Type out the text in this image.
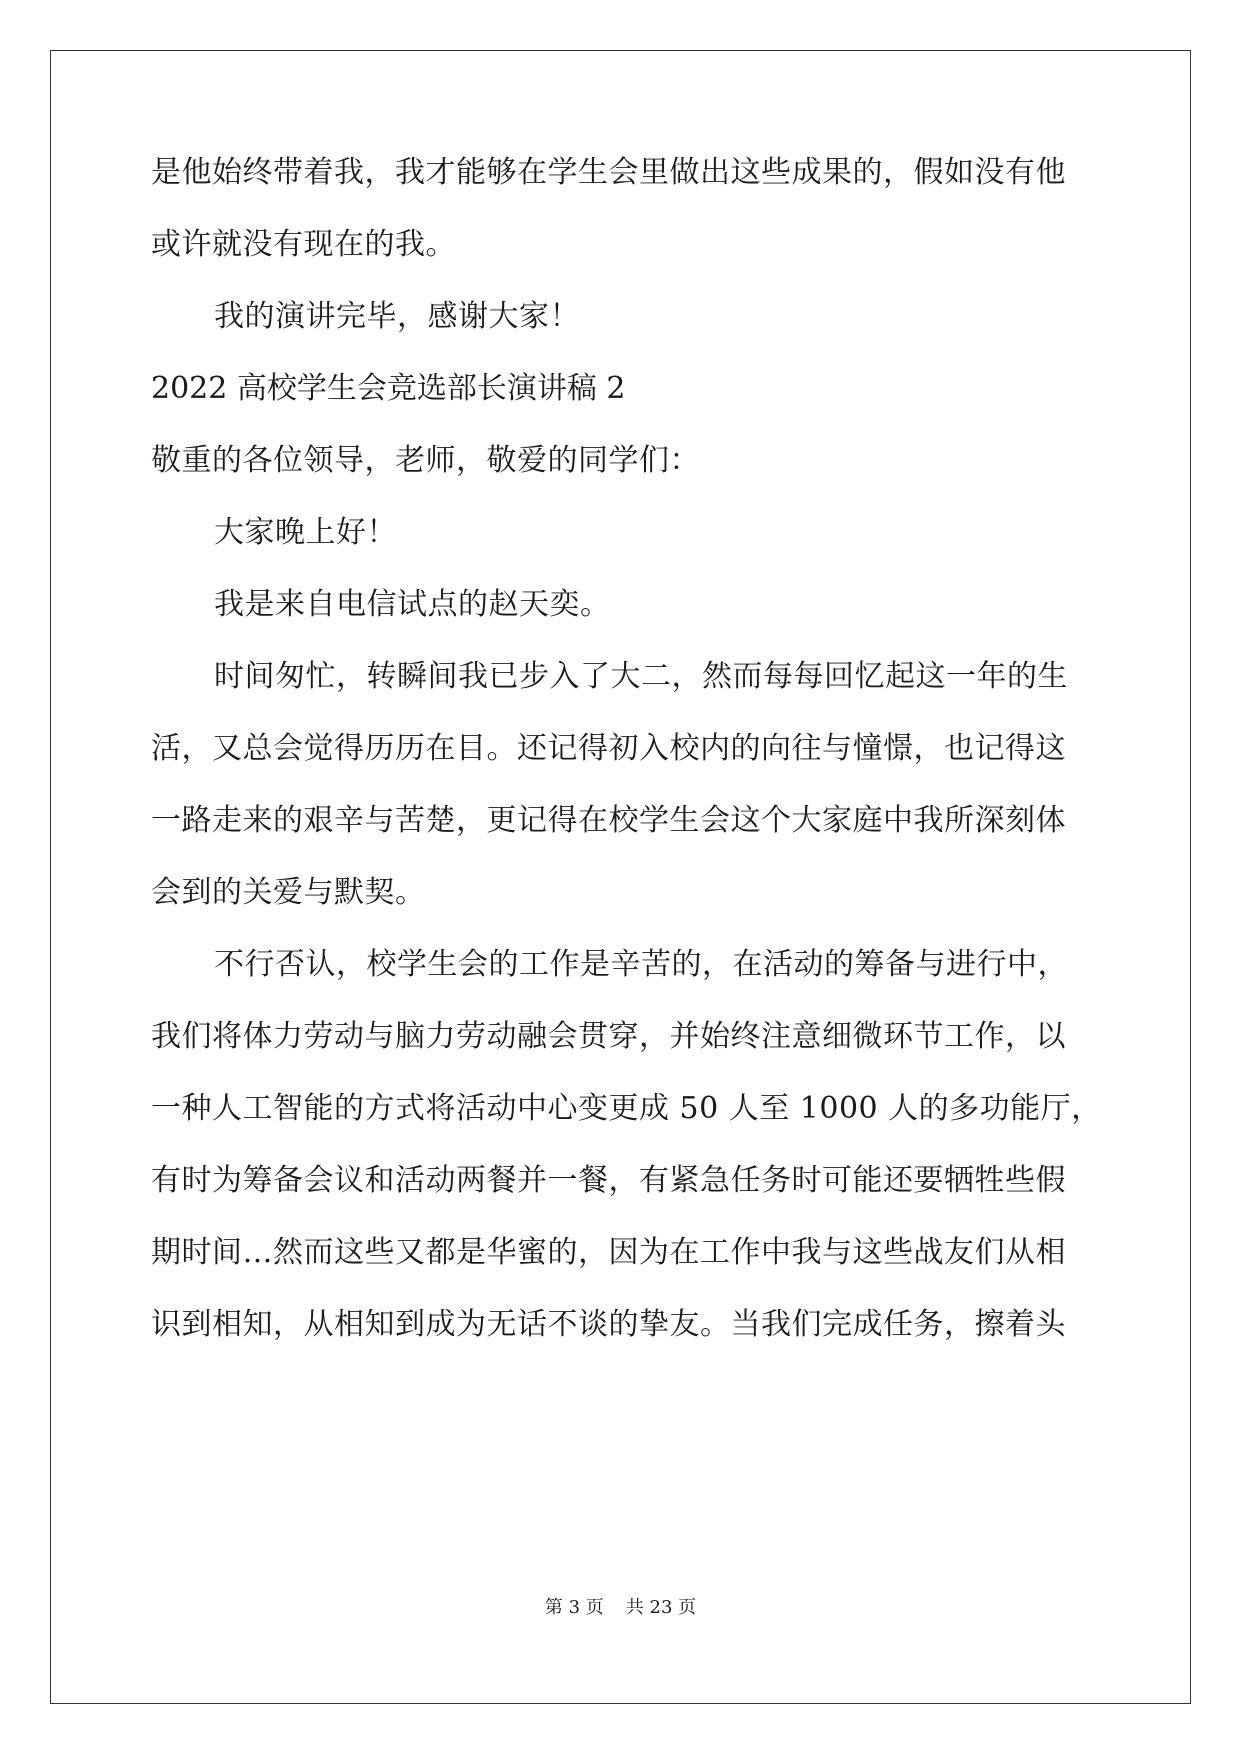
是他始终带着我，我才能够在学生会里做出这些成果的，假如没有他
或许就没有现在的我。
我的演讲完毕，感谢大家！
2022 高校学生会竞选部长演讲稿 2
敬重的各位领导，老师，敬爱的同学们：
大家晚上好！
我是来自电信试点的赵天奕。
时间匆忙，转瞬间我已步入了大二，然而每每回忆起这一年的生
活，又总会觉得历历在目。还记得初入校内的向往与憧憬，也记得这
一路走来的艰辛与苦楚，更记得在校学生会这个大家庭中我所深刻体
会到的关爱与默契。
不行否认，校学生会的工作是辛苦的，在活动的筹备与进行中，
我们将体力劳动与脑力劳动融会贯穿，并始终注意细微环节工作，以
一种人工智能的方式将活动中心变更成 50 人至 1000 人的多功能厅，
有时为筹备会议和活动两餐并一餐，有紧急任务时可能还要牺牲些假
期时间…然而这些又都是华蜜的，因为在工作中我与这些战友们从相
识到相知，从相知到成为无话不谈的挚友。当我们完成任务，擦着头
第 3 页 共 23 页
